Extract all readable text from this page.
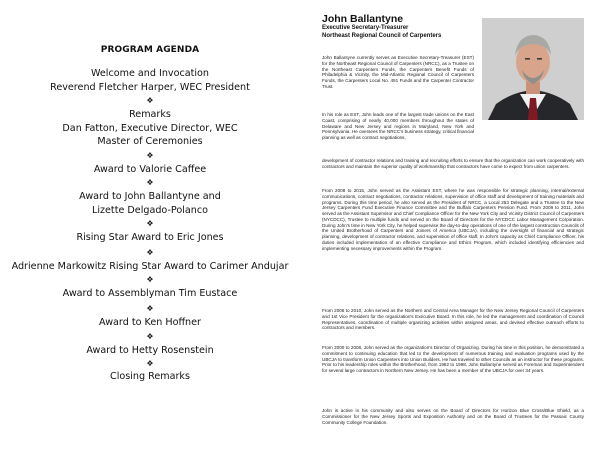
PROGRAM AGENDA
Welcome and Invocation
Reverend Fletcher Harper, WEC President
❖
Remarks
Dan Fatton, Executive Director, WEC
Master of Ceremonies
❖
Award to Valorie Caffee
❖
Award to John Ballantyne and
Lizette Delgado-Polanco
❖
Rising Star Award to Eric Jones
❖
Adrienne Markowitz Rising Star Award to Carimer Andujar
❖
Award to Assemblyman Tim Eustace
❖
Award to Ken Hoffner
❖
Award to Hetty Rosenstein
❖
Closing Remarks
John Ballantyne
Executive Secretary-Treasurer
Northeast Regional Council of Carpenters

John Ballantyne currently serves as Executive Secretary-Treasurer (EST) for the Northeast Regional Council of Carpenters (NRCC), as a Trustee on the Northeast Carpenters Funds, the Carpenters Benefit Funds of Philadelphia & Vicinity, the Mid-Atlantic Regional Council of Carpenters Funds, the Carpenters Local No. 491 Funds and the Carpenter Contractor Trust.

In his role as EST, John leads one of the largest trade unions on the East Coast, comprising of nearly 40,000 members throughout the states of Delaware and New Jersey and regions in Maryland, New York and Pennsylvania. He oversees the NRCC's business strategy, critical financial planning as well as contract negotiations,

development of contractor relations and training and recruiting efforts to ensure that the organization can work cooperatively with contractors and maintain the superior quality of workmanship that contractors have come to expect from union carpenters.

From 2008 to 2015, John served as the Assistant EST, where he was responsible for strategic planning, internal/external communications, contract negotiations, contractor relations, supervision of office staff and development of training materials and programs. During this time period, he also served as the President of NRCC, a Local 253 Delegate and a Trustee to the New Jersey Carpenters Fund Executive Finance Committee and the Buffalo Carpenters Pension Fund. From 2009 to 2011, John served as the Assistant Supervisor and Chief Compliance Officer for the New York City and Vicinity District Council of Carpenters (NYCDCC), Trustee to multiple funds and served on the Board of Directors for the NYCDCC Labor Management Corporation. During John's time in New York City, he helped supervise the day-to-day operations of one of the largest construction Councils of the United Brotherhood of Carpenters and Joiners of America (UBCJA), including the oversight of financial and strategic planning, development of contractor relations, and supervision of office staff. In John's capacity as Chief Compliance Officer, his duties included implementation of an effective Compliance and Ethics Program, which included identifying efficiencies and implementing necessary improvements within the Program.

From 2006 to 2010, John served as the Northern and Central Area Manager for the New Jersey Regional Council of Carpenters and 1st Vice President for the organization's Executive Board. In this role, he led the management and coordination of Council Representatives, coordination of multiple organizing activities within assigned areas, and devised effective outreach efforts to contractors and members.

From 2000 to 2008, John served as the organization's Director of Organizing. During his time in this position, he demonstrated a commitment to continuing education that led to the development of numerous training and evaluation programs used by the UBCJA to transform Union Carpenters into Union Builders. He has traveled to other Councils as an instructor for these programs. Prior to his leadership roles within the Brotherhood, from 1982 to 1998, John Ballantyne served as Foreman and Superintendent for several large contractors in Northern New Jersey. He has been a member of the UBCJA for over 34 years.

John is active in his community and also serves on the Board of Directors for Horizon Blue Cross/Blue Shield, as a Commissioner for the New Jersey Sports and Exposition Authority and on the Board of Trustees for the Passaic County Community College Foundation.
